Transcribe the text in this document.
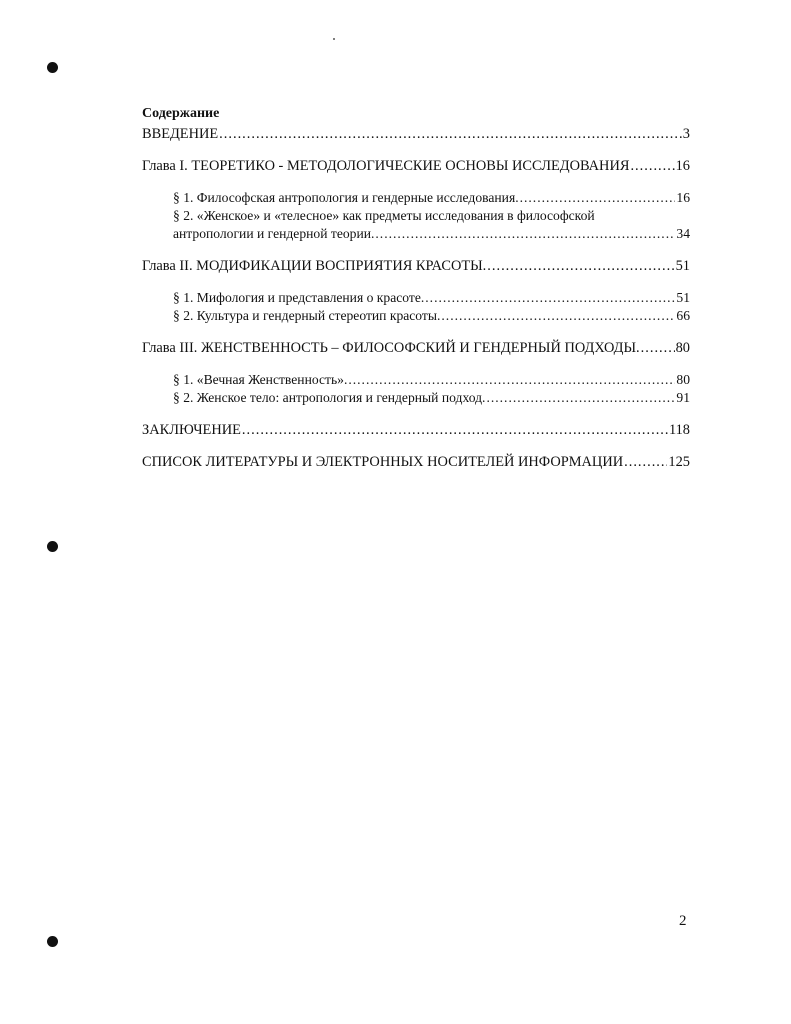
Содержание
ВВЕДЕНИЕ .....	3
Глава I. ТЕОРЕТИКО - МЕТОДОЛОГИЧЕСКИЕ ОСНОВЫ ИССЛЕДОВАНИЯ .....	16
§ 1. Философская антропология и гендерные исследования. .....	16
§ 2. «Женское» и «телесное» как предметы исследования в философской
антропологии и гендерной теории. .....	34
Глава II. МОДИФИКАЦИИ ВОСПРИЯТИЯ КРАСОТЫ. .....	51
§ 1. Мифология и представления о красоте. .....	51
§ 2. Культура и гендерный стереотип красоты. .....	66
Глава III. ЖЕНСТВЕННОСТЬ – ФИЛОСОФСКИЙ И ГЕНДЕРНЫЙ ПОДХОДЫ. ..... 80
§ 1. «Вечная Женственность». .....	80
§ 2. Женское тело: антропология и гендерный подход. .....	91
ЗАКЛЮЧЕНИЕ .....	118
СПИСОК ЛИТЕРАТУРЫ И ЭЛЕКТРОННЫХ НОСИТЕЛЕЙ ИНФОРМАЦИИ .....	125
2
